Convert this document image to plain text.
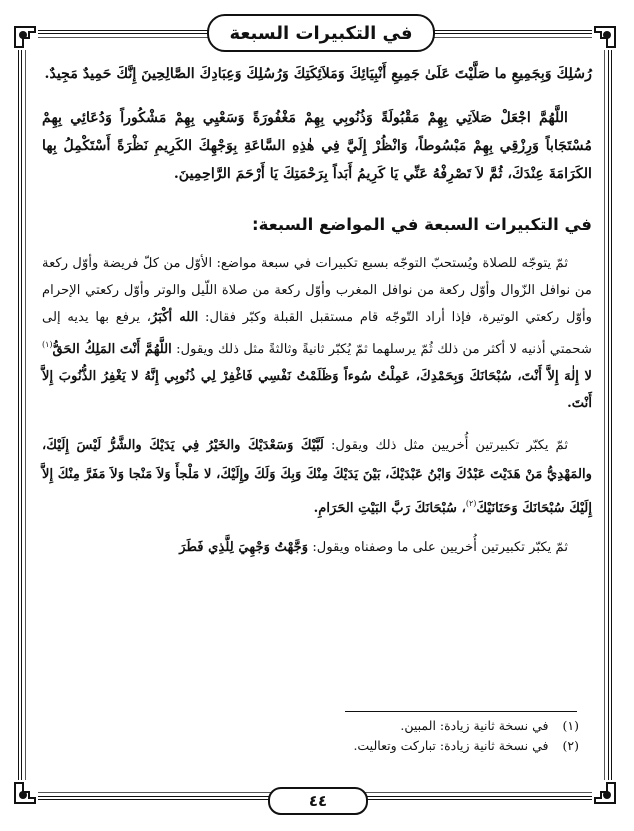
في التكبيرات السبعة

رُسُلِكَ وَبِجَمِيعِ ما صَلَّيْتَ عَلَىٰ جَمِيعِ أَنْبِيَائِكَ وَمَلاَئِكَتِكَ وَرُسُلِكَ وَعِبَادِكَ الصَّالِحِينَ إِنَّكَ حَمِيدٌ مَجِيدٌ.

اللَّهُمَّ اجْعَلْ صَلاَتِي بِهِمْ مَقْبُولَةً وَذُنُوبِي بِهِمْ مَغْفُورَةً وَسَعْيِي بِهِمْ مَشْكُوراً وَدُعَائِي بِهِمْ مُسْتَجَاباً وَرِزْقِي بِهِمْ مَبْسُوطاً، وَانْظُرْ إِلَيَّ فِي هٰذِهِ السَّاعَةِ بِوَجْهِكَ الكَرِيمِ نَظْرَةً أَسْتَكْمِلُ بِها الكَرَامَةَ عِنْدَكَ، ثُمَّ لاَ تَصْرِفْهُ عَنِّي يَا كَرِيمُ أَبَداً بِرَحْمَتِكَ يَا أَرْحَمَ الرَّاحِمِينَ.

في التكبيرات السبعة في المواضع السبعة:

ثمّ يتوجّه للصلاة ويُستحبّ التوجّه بسبع تكبيرات في سبعة مواضع: الأوّل من كلّ فريضة وأوّل ركعة من نوافل الزّوال وأوّل ركعة من نوافل المغرب وأوّل ركعة من صلاة اللّيل والوتر وأوّل ركعتي الإحرام وأوّل ركعتي الوتيرة، فإذا أراد التّوجّه قام مستقبل القبلة وكبّر فقال: الله أكْبَرُ، يرفع بها يديه إلى شحمتي أذنيه لا أكثر من ذلك ثُمّ يرسلهما ثمّ يُكبّر ثانيةً وثالثةً مثل ذلك ويقول: اللَّهُمَّ أَنْتَ المَلِكُ الحَقُّ$^{(١)}$ لا إِلٰهَ إِلاَّ أَنْتَ، سُبْحَانَكَ وَبِحَمْدِكَ، عَمِلْتُ سُوءاً وَظَلَمْتُ نَفْسِي فَاغْفِرْ لِي ذُنُوبِي إِنَّهُ لا يَغْفِرُ الذُّنُوبَ إِلاَّ أَنْتَ.

ثمّ يكبّر تكبيرتين أُخريين مثل ذلك ويقول: لَبَّيْكَ وَسَعْدَيْكَ والخَيْرُ فِي يَدَيْكَ والشَّرُّ لَيْسَ إِلَيْكَ، والمَهْدِيُّ مَنْ هَدَيْتَ عَبْدُكَ وَابْنُ عَبْدَيْكَ، بَيْنَ يَدَيْكَ مِنْكَ وَبِكَ وَلَكَ وإِلَيْكَ، لا مَلْجأَ وَلاَ مَنْجا وَلاَ مَفَرَّ مِنْكَ إِلاَّ إِلَيْكَ سُبْحَانَكَ وَحَنَانَيْكَ$^{(٢)}$، سُبْحَانَكَ رَبَّ البَيْتِ الحَرَامِ.

ثمّ يكبّر تكبيرتين أُخريين على ما وصفناه ويقول: وَجَّهْتُ وَجْهِيَ لِلَّذِي فَطَرَ

(١)
في نسخة ثانية زيادة: المبين.
(٢)
في نسخة ثانية زيادة: تباركت وتعاليت.
٤٤
